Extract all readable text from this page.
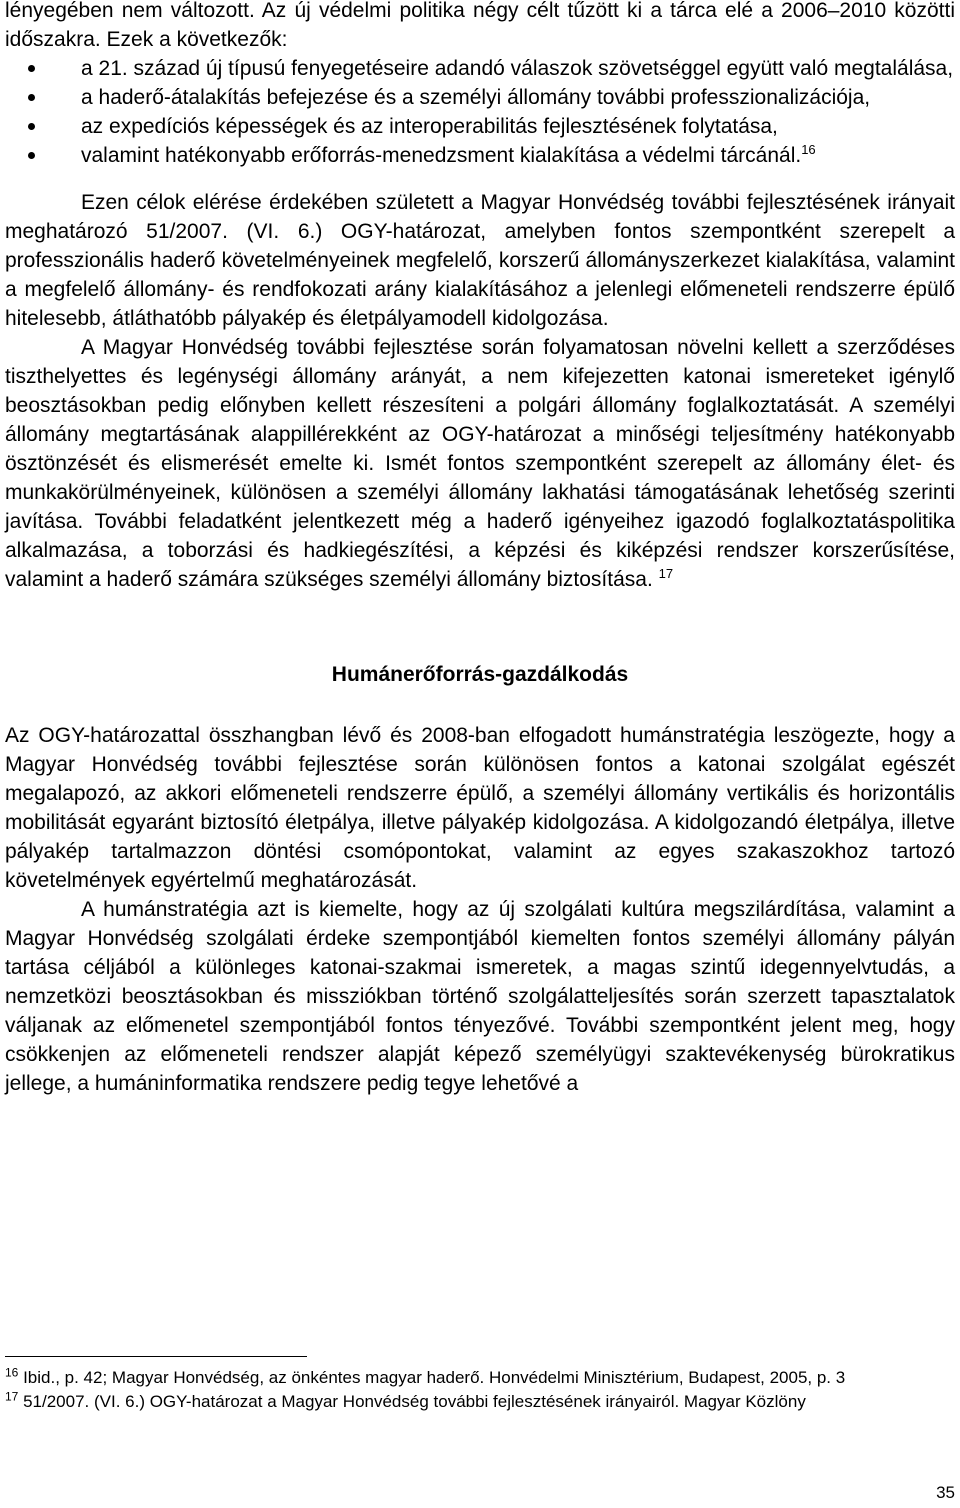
lényegében nem változott. Az új védelmi politika négy célt tűzött ki a tárca elé a 2006–2010 közötti időszakra. Ezek a következők:

a 21. század új típusú fenyegetéseire adandó válaszok szövetséggel együtt való megtalálása,
a haderő-átalakítás befejezése és a személyi állomány további professzionalizációja,
az expedíciós képességek és az interoperabilitás fejlesztésének folytatása,
valamint hatékonyabb erőforrás-menedzsment kialakítása a védelmi tárcánál.$^{16}$

Ezen célok elérése érdekében született a Magyar Honvédség további fejlesztésének irányait meghatározó 51/2007. (VI. 6.) OGY-határozat, amelyben fontos szempontként szerepelt a professzionális haderő követelményeinek megfelelő, korszerű állományszerkezet kialakítása, valamint a megfelelő állomány- és rendfokozati arány kialakításához a jelenlegi előmeneteli rendszerre épülő hitelesebb, átláthatóbb pályakép és életpályamodell kidolgozása.

A Magyar Honvédség további fejlesztése során folyamatosan növelni kellett a szerződéses tiszthelyettes és legénységi állomány arányát, a nem kifejezetten katonai ismereteket igénylő beosztásokban pedig előnyben kellett részesíteni a polgári állomány foglalkoztatását. A személyi állomány megtartásának alappillérekként az OGY-határozat a minőségi teljesítmény hatékonyabb ösztönzését és elismerését emelte ki. Ismét fontos szempontként szerepelt az állomány élet- és munkakörülményeinek, különösen a személyi állomány lakhatási támogatásának lehetőség szerinti javítása. További feladatként jelentkezett még a haderő igényeihez igazodó foglalkoztatáspolitika alkalmazása, a toborzási és hadkiegészítési, a képzési és kiképzési rendszer korszerűsítése, valamint a haderő számára szükséges személyi állomány biztosítása. $^{17}$

Humánerőforrás-gazdálkodás

Az OGY-határozattal összhangban lévő és 2008-ban elfogadott humánstratégia leszögezte, hogy a Magyar Honvédség további fejlesztése során különösen fontos a katonai szolgálat egészét megalapozó, az akkori előmeneteli rendszerre épülő, a személyi állomány vertikális és horizontális mobilitását egyaránt biztosító életpálya, illetve pályakép kidolgozása. A kidolgozandó életpálya, illetve pályakép tartalmazzon döntési csomópontokat, valamint az egyes szakaszokhoz tartozó követelmények egyértelmű meghatározását.

A humánstratégia azt is kiemelte, hogy az új szolgálati kultúra megszilárdítása, valamint a Magyar Honvédség szolgálati érdeke szempontjából kiemelten fontos személyi állomány pályán tartása céljából a különleges katonai-szakmai ismeretek, a magas szintű idegennyelvtudás, a nemzetközi beosztásokban és missziókban történő szolgálatteljesítés során szerzett tapasztalatok váljanak az előmenetel szempontjából fontos tényezővé. További szempontként jelent meg, hogy csökkenjen az előmeneteli rendszer alapját képező személyügyi szaktevékenység bürokratikus jellege, a humáninformatika rendszere pedig tegye lehetővé a

$^{16}$ Ibid., p. 42; Magyar Honvédség, az önkéntes magyar haderő. Honvédelmi Minisztérium, Budapest, 2005, p. 3

$^{17}$ 51/2007. (VI. 6.) OGY-határozat a Magyar Honvédség további fejlesztésének irányairól. Magyar Közlöny

35
